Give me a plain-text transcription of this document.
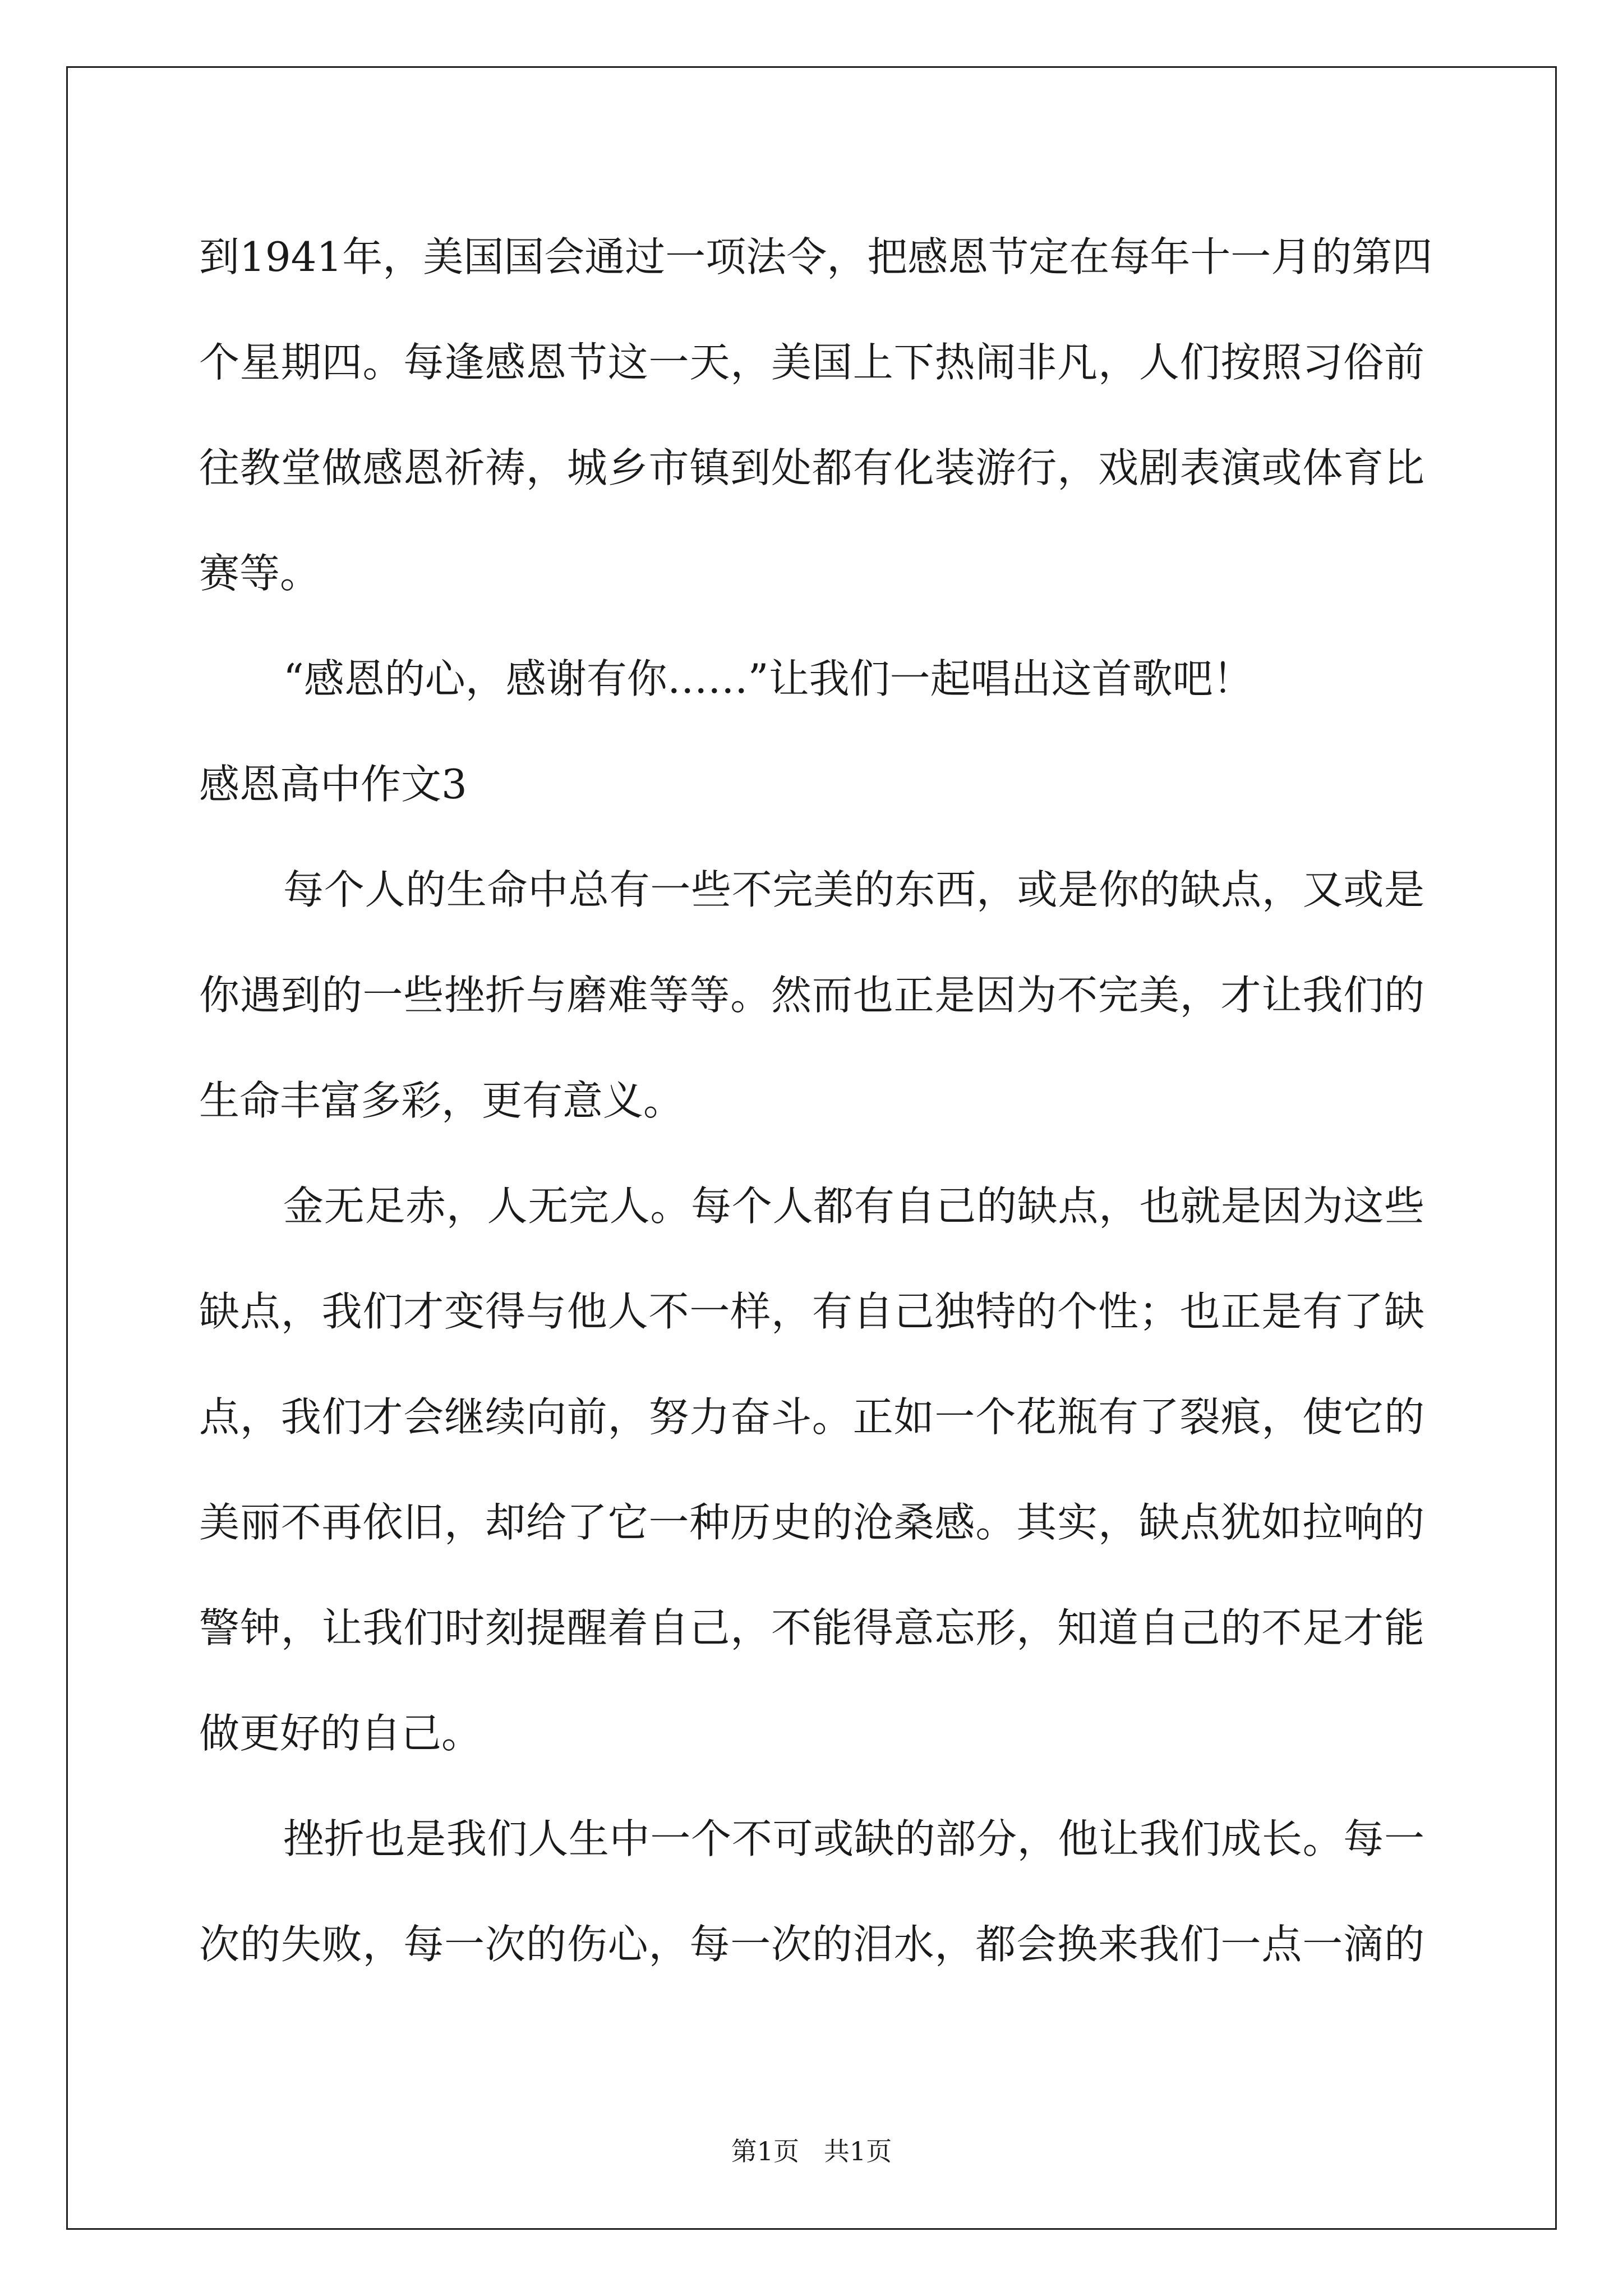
到1941年，美国国会通过一项法令，把感恩节定在每年十一月的第四
个星期四。每逢感恩节这一天，美国上下热闹非凡，人们按照习俗前
往教堂做感恩祈祷，城乡市镇到处都有化装游行，戏剧表演或体育比
赛等。
“感恩的心，感谢有你……”让我们一起唱出这首歌吧！
感恩高中作文3
每个人的生命中总有一些不完美的东西，或是你的缺点，又或是
你遇到的一些挫折与磨难等等。然而也正是因为不完美，才让我们的
生命丰富多彩，更有意义。
金无足赤，人无完人。每个人都有自己的缺点，也就是因为这些
缺点，我们才变得与他人不一样，有自己独特的个性；也正是有了缺
点，我们才会继续向前，努力奋斗。正如一个花瓶有了裂痕，使它的
美丽不再依旧，却给了它一种历史的沧桑感。其实，缺点犹如拉响的
警钟，让我们时刻提醒着自己，不能得意忘形，知道自己的不足才能
做更好的自己。
挫折也是我们人生中一个不可或缺的部分，他让我们成长。每一
次的失败，每一次的伤心，每一次的泪水，都会换来我们一点一滴的
第1页   共1页
